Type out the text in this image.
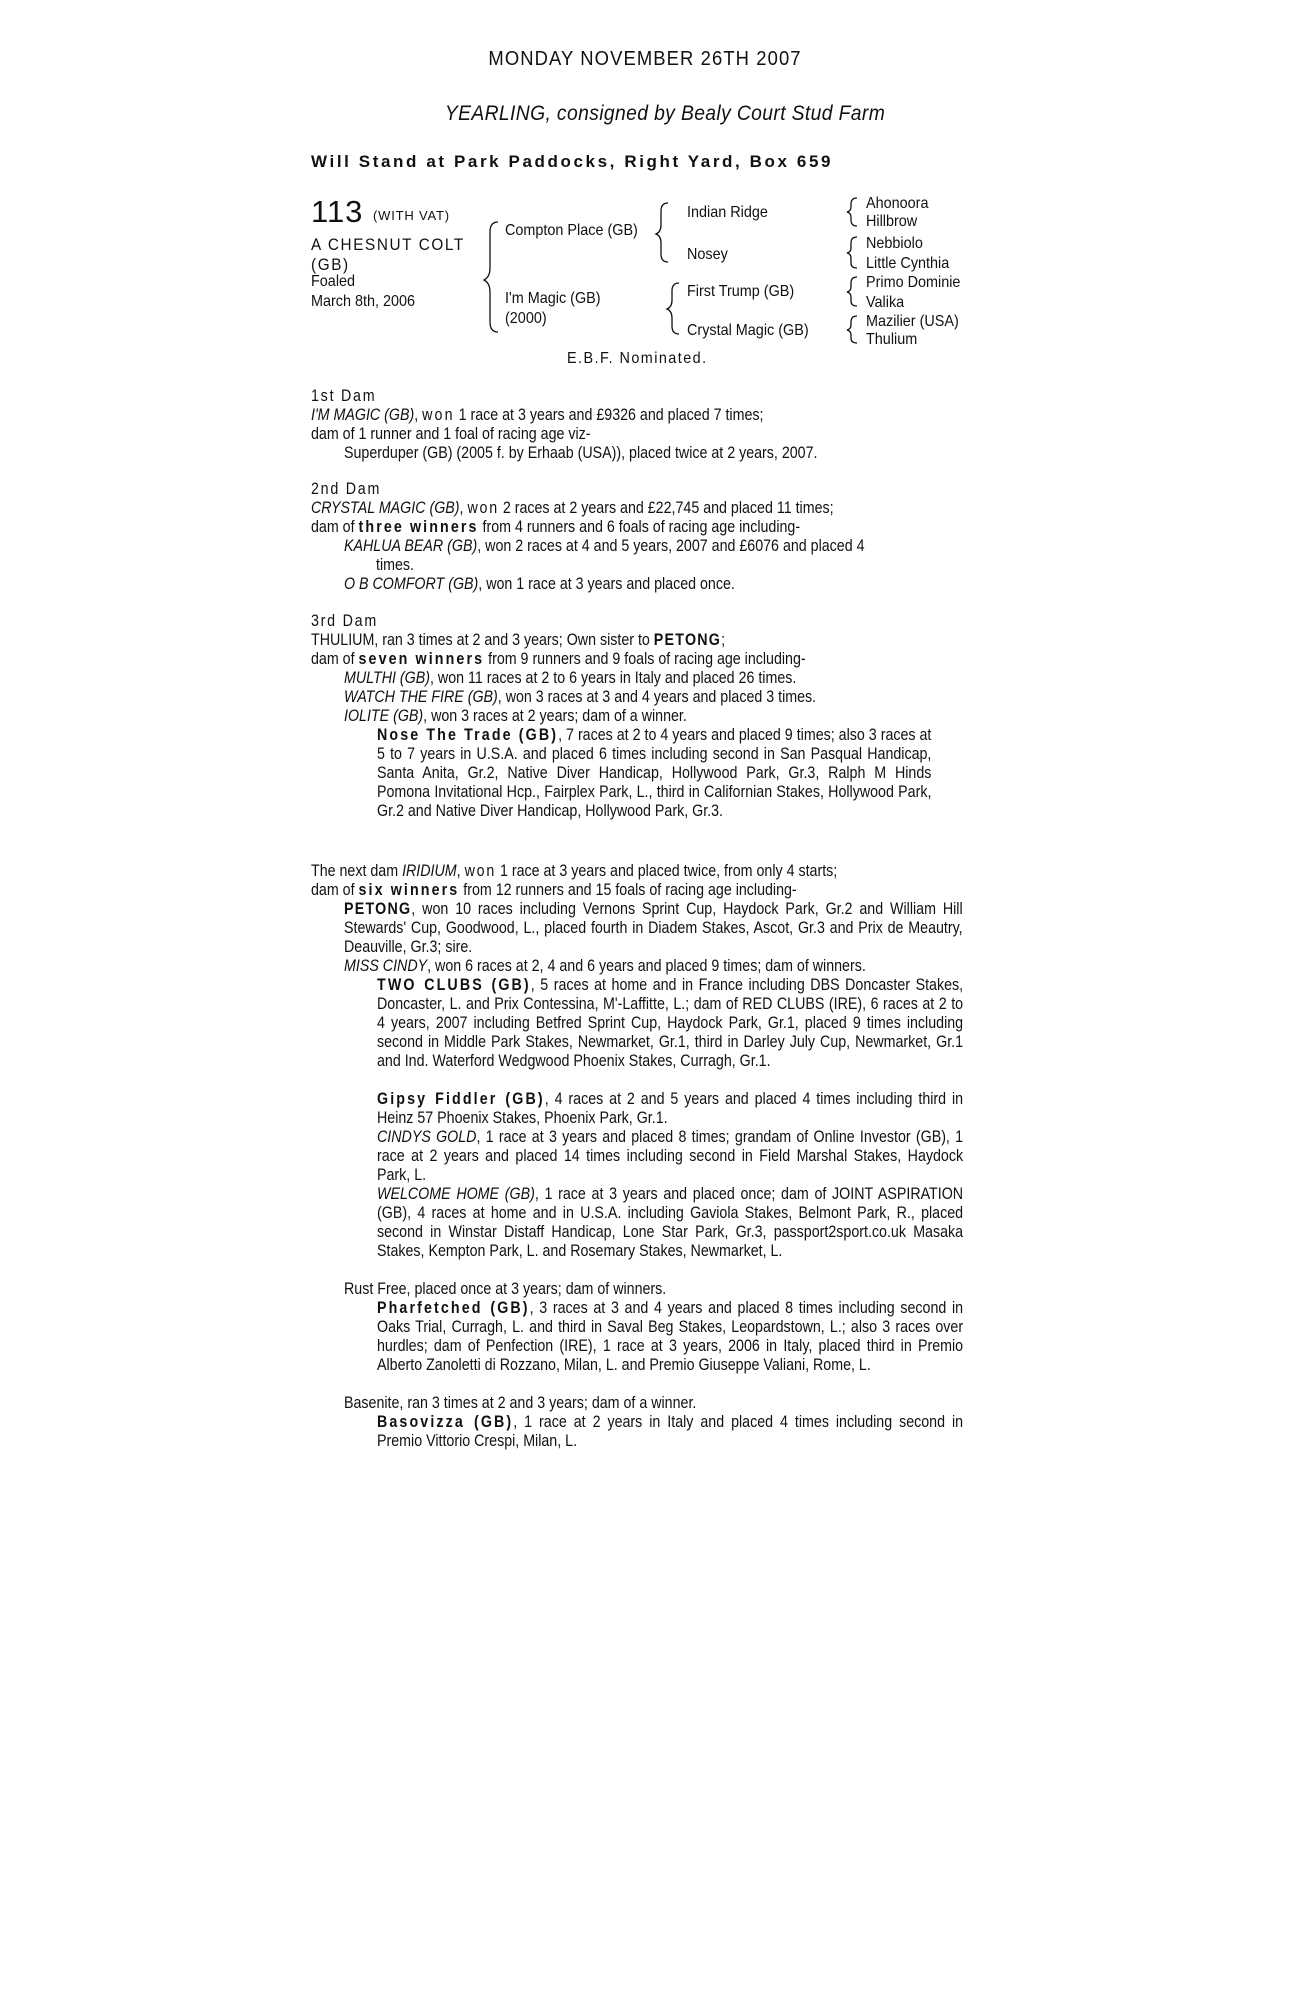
MONDAY NOVEMBER 26TH 2007
YEARLING, consigned by Bealy Court Stud Farm
Will Stand at Park Paddocks, Right Yard, Box 659
113 (WITH VAT)
A CHESNUT COLT
(GB)
Foaled
March 8th, 2006
Compton Place (GB)
I'm Magic (GB)
(2000)
Indian Ridge
Nosey
First Trump (GB)
Crystal Magic (GB)
Ahonoora
Hillbrow
Nebbiolo
Little Cynthia
Primo Dominie
Valika
Mazilier (USA)
Thulium
E.B.F. Nominated.
1st Dam
I'M MAGIC (GB), won 1 race at 3 years and £9326 and placed 7 times;
dam of 1 runner and 1 foal of racing age viz-
Superduper (GB) (2005 f. by Erhaab (USA)), placed twice at 2 years, 2007.
2nd Dam
CRYSTAL MAGIC (GB), won 2 races at 2 years and £22,745 and placed 11 times;
dam of three winners from 4 runners and 6 foals of racing age including-
KAHLUA BEAR (GB), won 2 races at 4 and 5 years, 2007 and £6076 and placed 4
times.
O B COMFORT (GB), won 1 race at 3 years and placed once.
3rd Dam
THULIUM, ran 3 times at 2 and 3 years; Own sister to PETONG;
dam of seven winners from 9 runners and 9 foals of racing age including-
MULTHI (GB), won 11 races at 2 to 6 years in Italy and placed 26 times.
WATCH THE FIRE (GB), won 3 races at 3 and 4 years and placed 3 times.
IOLITE (GB), won 3 races at 2 years; dam of a winner.
Nose The Trade (GB), 7 races at 2 to 4 years and placed 9 times; also 3 races at 5 to 7 years in U.S.A. and placed 6 times including second in San Pasqual Handicap, Santa Anita, Gr.2, Native Diver Handicap, Hollywood Park, Gr.3, Ralph M Hinds Pomona Invitational Hcp., Fairplex Park, L., third in Californian Stakes, Hollywood Park, Gr.2 and Native Diver Handicap, Hollywood Park, Gr.3.
The next dam IRIDIUM, won 1 race at 3 years and placed twice, from only 4 starts;
dam of six winners from 12 runners and 15 foals of racing age including-
PETONG, won 10 races including Vernons Sprint Cup, Haydock Park, Gr.2 and William Hill Stewards' Cup, Goodwood, L., placed fourth in Diadem Stakes, Ascot, Gr.3 and Prix de Meautry, Deauville, Gr.3; sire.
MISS CINDY, won 6 races at 2, 4 and 6 years and placed 9 times; dam of winners.
TWO CLUBS (GB), 5 races at home and in France including DBS Doncaster Stakes, Doncaster, L. and Prix Contessina, M'-Laffitte, L.; dam of RED CLUBS (IRE), 6 races at 2 to 4 years, 2007 including Betfred Sprint Cup, Haydock Park, Gr.1, placed 9 times including second in Middle Park Stakes, Newmarket, Gr.1, third in Darley July Cup, Newmarket, Gr.1 and Ind. Waterford Wedgwood Phoenix Stakes, Curragh, Gr.1.
Gipsy Fiddler (GB), 4 races at 2 and 5 years and placed 4 times including third in Heinz 57 Phoenix Stakes, Phoenix Park, Gr.1.
CINDYS GOLD, 1 race at 3 years and placed 8 times; grandam of Online Investor (GB), 1 race at 2 years and placed 14 times including second in Field Marshal Stakes, Haydock Park, L.
WELCOME HOME (GB), 1 race at 3 years and placed once; dam of JOINT ASPIRATION (GB), 4 races at home and in U.S.A. including Gaviola Stakes, Belmont Park, R., placed second in Winstar Distaff Handicap, Lone Star Park, Gr.3, passport2sport.co.uk Masaka Stakes, Kempton Park, L. and Rosemary Stakes, Newmarket, L.
Rust Free, placed once at 3 years; dam of winners.
Pharfetched (GB), 3 races at 3 and 4 years and placed 8 times including second in Oaks Trial, Curragh, L. and third in Saval Beg Stakes, Leopardstown, L.; also 3 races over hurdles; dam of Penfection (IRE), 1 race at 3 years, 2006 in Italy, placed third in Premio Alberto Zanoletti di Rozzano, Milan, L. and Premio Giuseppe Valiani, Rome, L.
Basenite, ran 3 times at 2 and 3 years; dam of a winner.
Basovizza (GB), 1 race at 2 years in Italy and placed 4 times including second in Premio Vittorio Crespi, Milan, L.
